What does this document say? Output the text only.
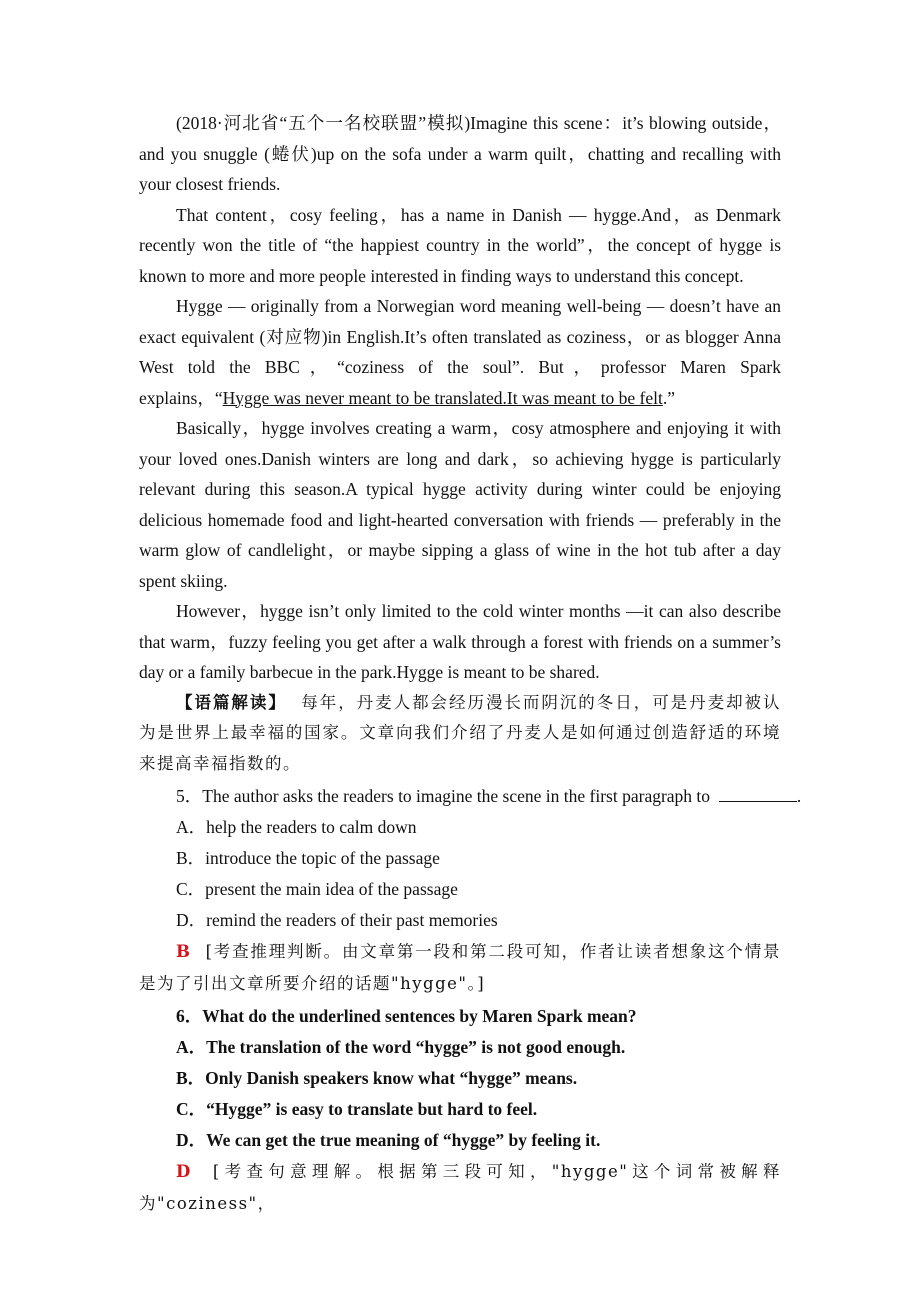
(2018·河北省“五个一名校联盟”模拟)Imagine this scene：it’s blowing outside，and you snuggle (蜷伏)up on the sofa under a warm quilt，chatting and recalling with your closest friends.

That content，cosy feeling，has a name in Danish — hygge.And，as Denmark recently won the title of “the happiest country in the world”，the concept of hygge is known to more and more people interested in finding ways to understand this concept.

Hygge — originally from a Norwegian word meaning well-being — doesn’t have an exact equivalent (对应物)in English.It’s often translated as coziness，or as blogger Anna West told the BBC，“coziness of the soul”. But，professor Maren Spark explains，“Hygge was never meant to be translated.It was meant to be felt.”

Basically，hygge involves creating a warm，cosy atmosphere and enjoying it with your loved ones.Danish winters are long and dark，so achieving hygge is particularly relevant during this season.A typical hygge activity during winter could be enjoying delicious homemade food and light-hearted conversation with friends — preferably in the warm glow of candlelight，or maybe sipping a glass of wine in the hot tub after a day spent skiing.

However，hygge isn’t only limited to the cold winter months —it can also describe that warm，fuzzy feeling you get after a walk through a forest with friends on a summer’s day or a family barbecue in the park.Hygge is meant to be shared.

【语篇解读】 每年，丹麦人都会经历漫长而阴沉的冬日，可是丹麦却被认为是世界上最幸福的国家。文章向我们介绍了丹麦人是如何通过创造舒适的环境来提高幸福指数的。

5．The author asks the readers to imagine the scene in the first paragraph to	.
A．help the readers to calm down
B．introduce the topic of the passage
C．present the main idea of the passage
D．remind the readers of their past memories

B [考查推理判断。由文章第一段和第二段可知，作者让读者想象这个情景是为了引出文章所要介绍的话题"hygge"。]

6．What do the underlined sentences by Maren Spark mean?
A．The translation of the word “hygge” is not good enough.
B．Only Danish speakers know what “hygge” means.
C．“Hygge” is easy to translate but hard to feel.
D．We can get the true meaning of “hygge” by feeling it.

D [考查句意理解。根据第三段可知，"hygge"这个词常被解释为"coziness"，
